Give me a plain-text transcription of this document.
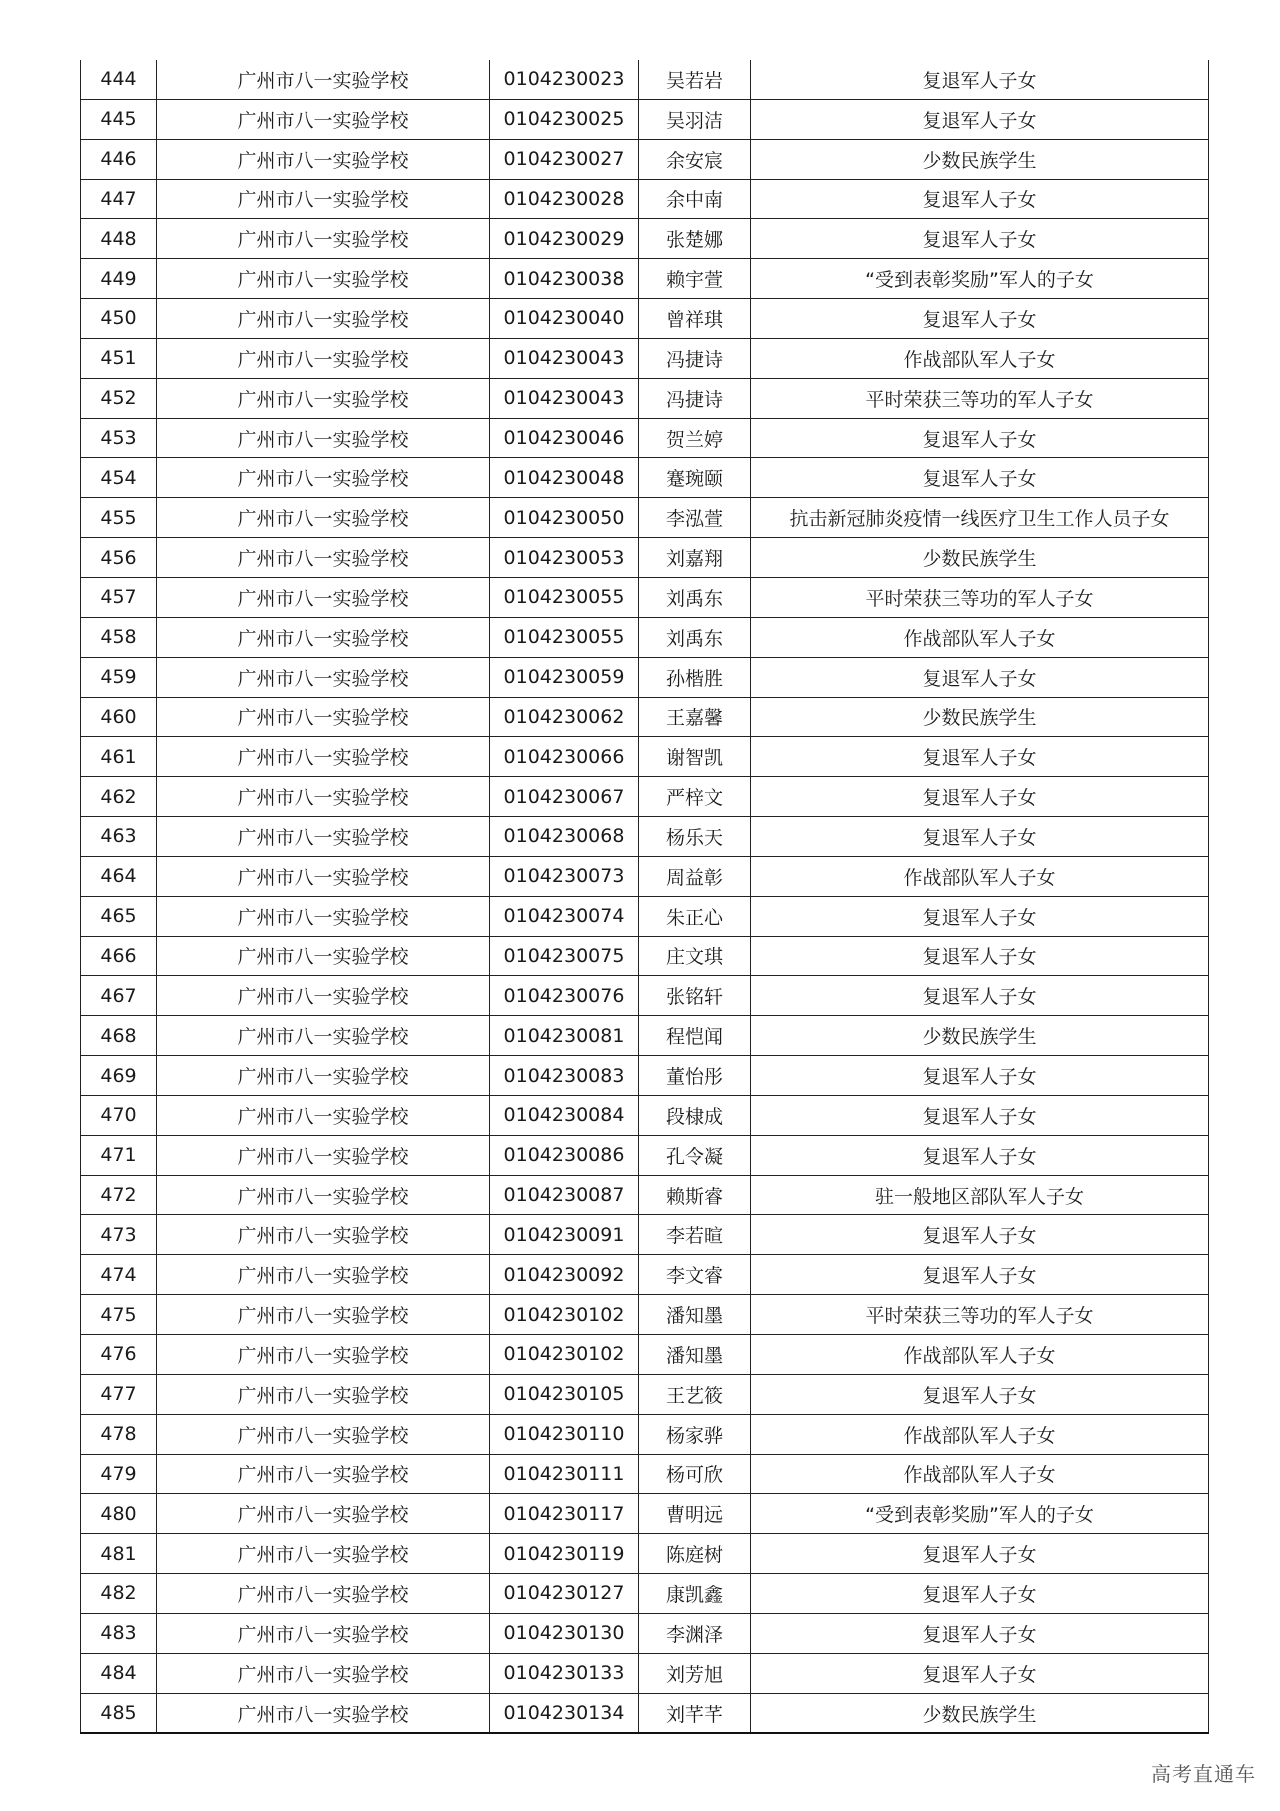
444	广州市八一实验学校	0104230023	吴若岩	复退军人子女
445	广州市八一实验学校	0104230025	吴羽洁	复退军人子女
446	广州市八一实验学校	0104230027	余安宸	少数民族学生
447	广州市八一实验学校	0104230028	余中南	复退军人子女
448	广州市八一实验学校	0104230029	张楚娜	复退军人子女
449	广州市八一实验学校	0104230038	赖宇萱	“受到表彰奖励”军人的子女
450	广州市八一实验学校	0104230040	曾祥琪	复退军人子女
451	广州市八一实验学校	0104230043	冯捷诗	作战部队军人子女
452	广州市八一实验学校	0104230043	冯捷诗	平时荣获三等功的军人子女
453	广州市八一实验学校	0104230046	贺兰婷	复退军人子女
454	广州市八一实验学校	0104230048	蹇琬颐	复退军人子女
455	广州市八一实验学校	0104230050	李泓萱	抗击新冠肺炎疫情一线医疗卫生工作人员子女
456	广州市八一实验学校	0104230053	刘嘉翔	少数民族学生
457	广州市八一实验学校	0104230055	刘禹东	平时荣获三等功的军人子女
458	广州市八一实验学校	0104230055	刘禹东	作战部队军人子女
459	广州市八一实验学校	0104230059	孙楷胜	复退军人子女
460	广州市八一实验学校	0104230062	王嘉馨	少数民族学生
461	广州市八一实验学校	0104230066	谢智凯	复退军人子女
462	广州市八一实验学校	0104230067	严梓文	复退军人子女
463	广州市八一实验学校	0104230068	杨乐天	复退军人子女
464	广州市八一实验学校	0104230073	周益彰	作战部队军人子女
465	广州市八一实验学校	0104230074	朱正心	复退军人子女
466	广州市八一实验学校	0104230075	庄文琪	复退军人子女
467	广州市八一实验学校	0104230076	张铭轩	复退军人子女
468	广州市八一实验学校	0104230081	程恺闻	少数民族学生
469	广州市八一实验学校	0104230083	董怡彤	复退军人子女
470	广州市八一实验学校	0104230084	段棣成	复退军人子女
471	广州市八一实验学校	0104230086	孔令凝	复退军人子女
472	广州市八一实验学校	0104230087	赖斯睿	驻一般地区部队军人子女
473	广州市八一实验学校	0104230091	李若暄	复退军人子女
474	广州市八一实验学校	0104230092	李文睿	复退军人子女
475	广州市八一实验学校	0104230102	潘知墨	平时荣获三等功的军人子女
476	广州市八一实验学校	0104230102	潘知墨	作战部队军人子女
477	广州市八一实验学校	0104230105	王艺筱	复退军人子女
478	广州市八一实验学校	0104230110	杨家骅	作战部队军人子女
479	广州市八一实验学校	0104230111	杨可欣	作战部队军人子女
480	广州市八一实验学校	0104230117	曹明远	“受到表彰奖励”军人的子女
481	广州市八一实验学校	0104230119	陈庭树	复退军人子女
482	广州市八一实验学校	0104230127	康凯鑫	复退军人子女
483	广州市八一实验学校	0104230130	李渊泽	复退军人子女
484	广州市八一实验学校	0104230133	刘芳旭	复退军人子女
485	广州市八一实验学校	0104230134	刘芊芊	少数民族学生
高考直通车
